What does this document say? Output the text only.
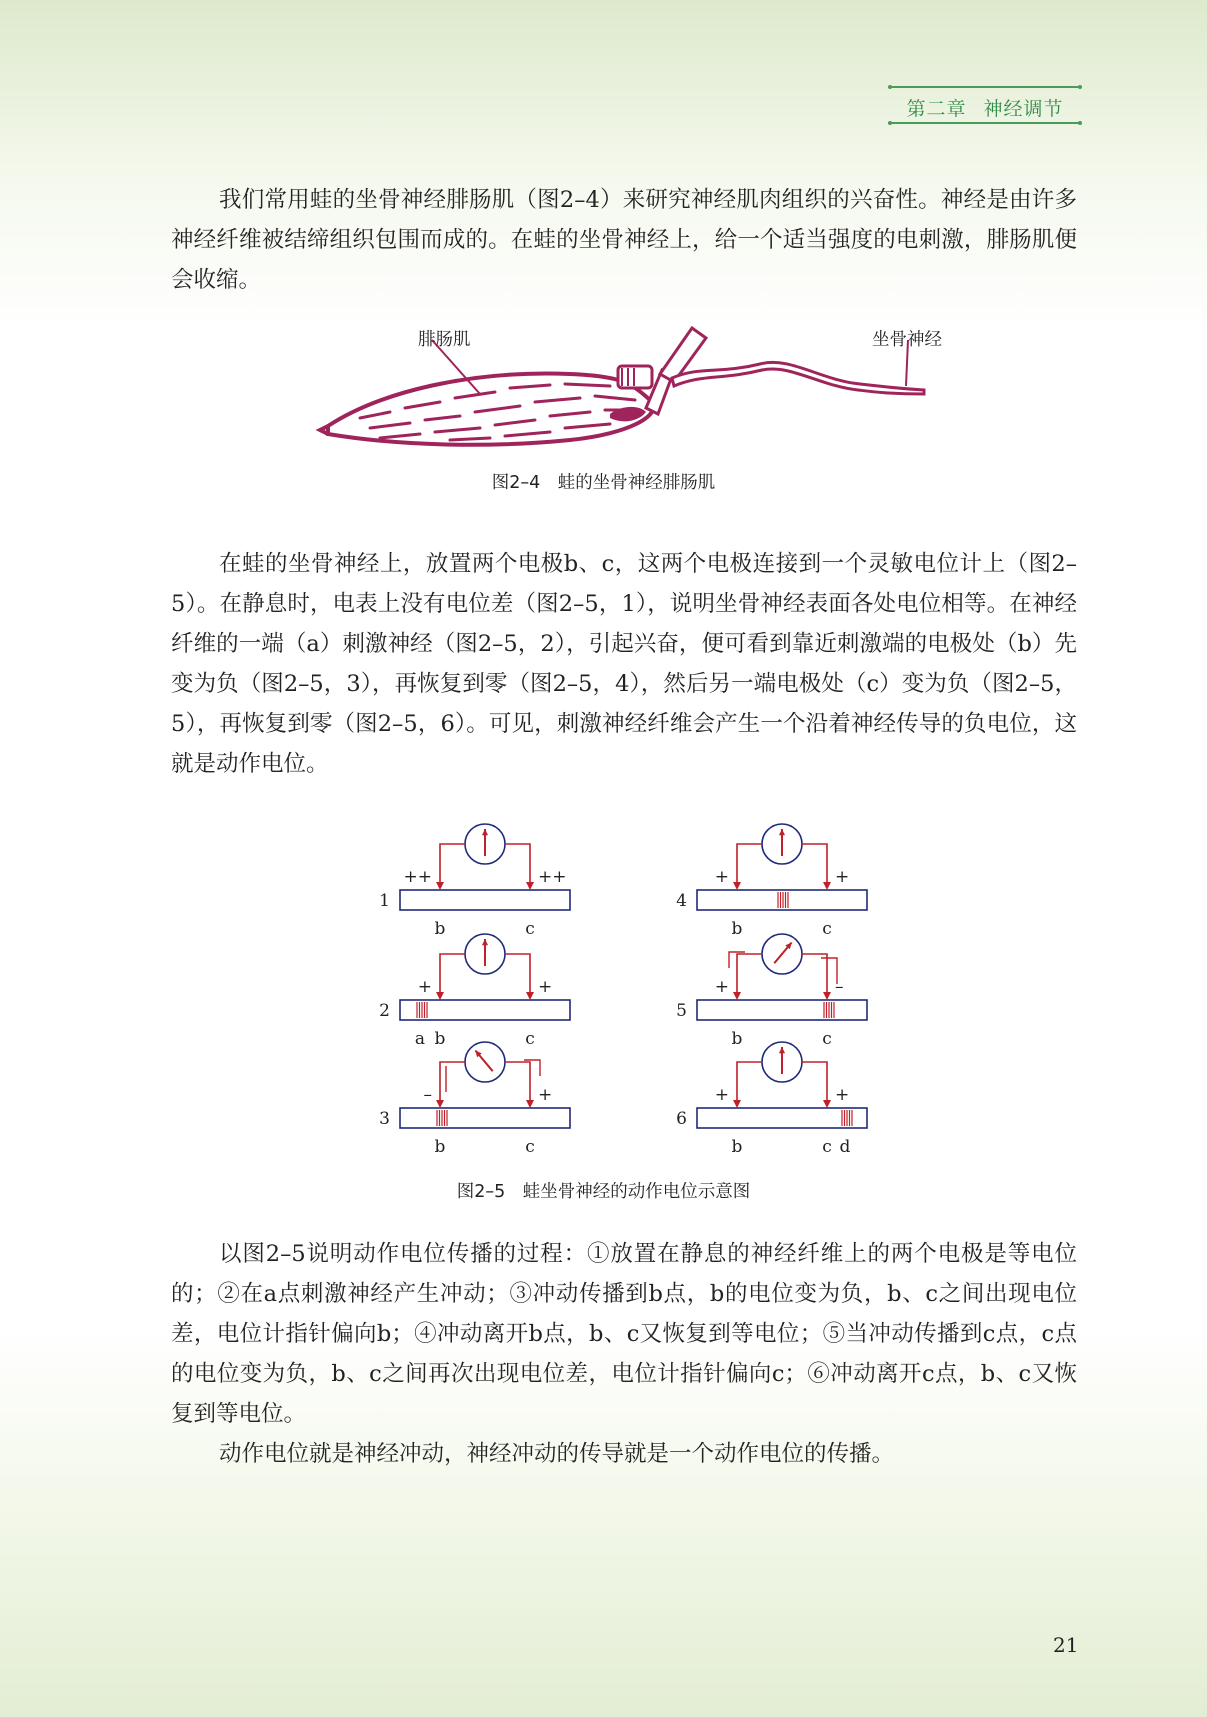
第二章 神经调节

我们常用蛙的坐骨神经腓肠肌（图2–4）来研究神经肌肉组织的兴奋性。神经是由许多神经纤维被结缔组织包围而成的。在蛙的坐骨神经上，给一个适当强度的电刺激，腓肠肌便会收缩。

腓肠肌	坐骨神经
图2–4　蛙的坐骨神经腓肠肌

在蛙的坐骨神经上，放置两个电极b、c，这两个电极连接到一个灵敏电位计上（图2–5）。在静息时，电表上没有电位差（图2–5，1），说明坐骨神经表面各处电位相等。在神经纤维的一端（a）刺激神经（图2–5，2），引起兴奋，便可看到靠近刺激端的电极处（b）先变为负（图2–5，3），再恢复到零（图2–5，4），然后另一端电极处（c）变为负（图2–5，5），再恢复到零（图2–5，6）。可见，刺激神经纤维会产生一个沿着神经传导的负电位，这就是动作电位。

++	++
1
b	c
+	+
2
a b	c
–	+
3
b	c
+	+
4
b	c
+	–
5
b	c
+	+
6
b	c d
图2–5　蛙坐骨神经的动作电位示意图

以图2–5说明动作电位传播的过程：①放置在静息的神经纤维上的两个电极是等电位的；②在a点刺激神经产生冲动；③冲动传播到b点，b的电位变为负，b、c之间出现电位差，电位计指针偏向b；④冲动离开b点，b、c又恢复到等电位；⑤当冲动传播到c点，c点的电位变为负，b、c之间再次出现电位差，电位计指针偏向c；⑥冲动离开c点，b、c又恢复到等电位。

动作电位就是神经冲动，神经冲动的传导就是一个动作电位的传播。

21
